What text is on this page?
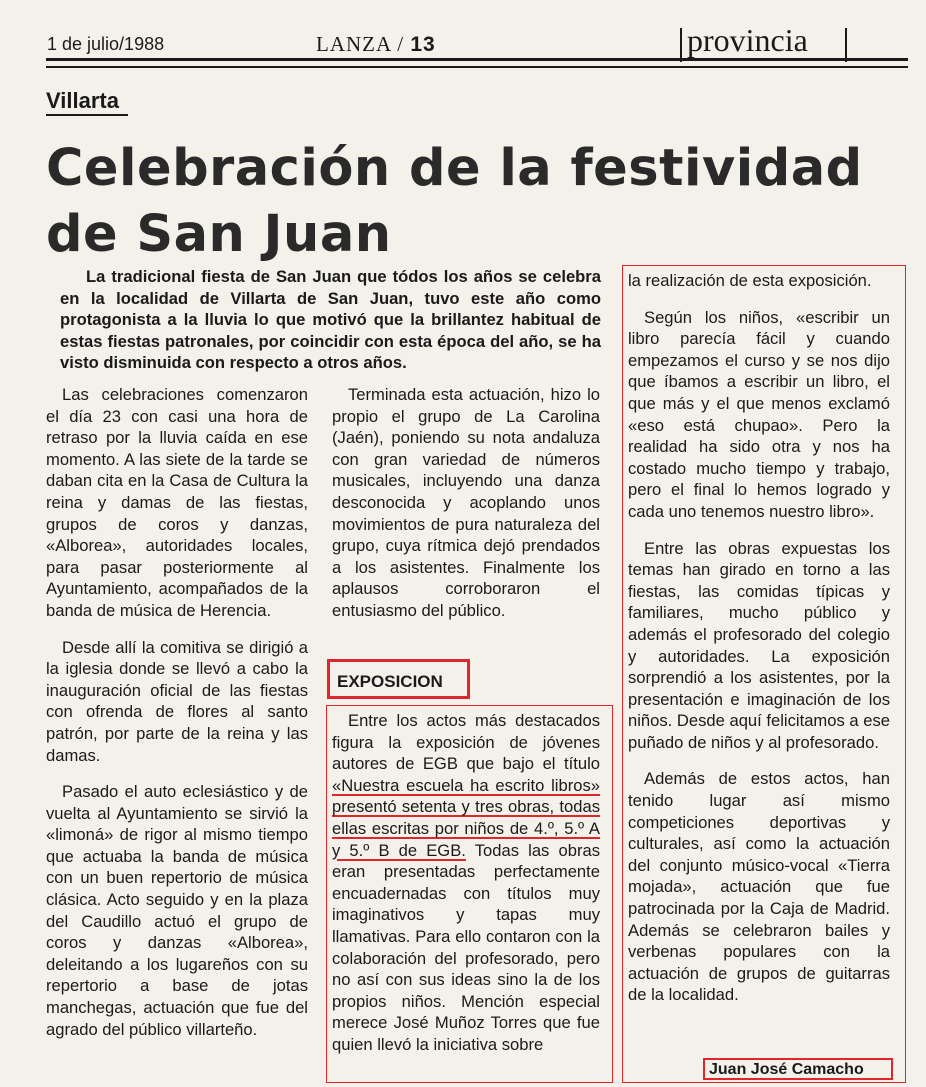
1 de julio/1988	LANZA / 13	provincia
Villarta
Celebración de la festividad de San Juan
La tradicional fiesta de San Juan que tódos los años se celebra en la localidad de Villarta de San Juan, tuvo este año como protagonista a la lluvia lo que motivó que la brillantez habitual de estas fiestas patronales, por coincidir con esta época del año, se ha visto disminuida con respecto a otros años.

Las celebraciones comenzaron el día 23 con casi una hora de retraso por la lluvia caída en ese momento. A las siete de la tarde se daban cita en la Casa de Cultura la reina y damas de las fiestas, grupos de coros y danzas, «Alborea», autoridades locales, para pasar posteriormente al Ayuntamiento, acompañados de la banda de música de Herencia.

Desde allí la comitiva se dirigió a la iglesia donde se llevó a cabo la inauguración oficial de las fiestas con ofrenda de flores al santo patrón, por parte de la reina y las damas.

Pasado el auto eclesiástico y de vuelta al Ayuntamiento se sirvió la «limoná» de rigor al mismo tiempo que actuaba la banda de música con un buen repertorio de música clásica. Acto seguido y en la plaza del Caudillo actuó el grupo de coros y danzas «Alborea», deleitando a los lugareños con su repertorio a base de jotas manchegas, actuación que fue del agrado del público villarteño.

Terminada esta actuación, hizo lo propio el grupo de La Carolina (Jaén), poniendo su nota andaluza con gran variedad de números musicales, incluyendo una danza desconocida y acoplando unos movimientos de pura naturaleza del grupo, cuya rítmica dejó prendados a los asistentes. Finalmente los aplausos corroboraron el entusiasmo del público.

EXPOSICION

Entre los actos más destacados figura la exposición de jóvenes autores de EGB que bajo el título «Nuestra escuela ha escrito libros» presentó setenta y tres obras, todas ellas escritas por niños de 4.º, 5.º A y 5.º B de EGB. Todas las obras eran presentadas perfectamente encuadernadas con títulos muy imaginativos y tapas muy llamativas. Para ello contaron con la colaboración del profesorado, pero no así con sus ideas sino la de los propios niños. Mención especial merece José Muñoz Torres que fue quien llevó la iniciativa sobre

la realización de esta exposición.

Según los niños, «escribir un libro parecía fácil y cuando empezamos el curso y se nos dijo que íbamos a escribir un libro, el que más y el que menos exclamó «eso está chupao». Pero la realidad ha sido otra y nos ha costado mucho tiempo y trabajo, pero el final lo hemos logrado y cada uno tenemos nuestro libro».

Entre las obras expuestas los temas han girado en torno a las fiestas, las comidas típicas y familiares, mucho público y además el profesorado del colegio y autoridades. La exposición sorprendió a los asistentes, por la presentación e imaginación de los niños. Desde aquí felicitamos a ese puñado de niños y al profesorado.

Además de estos actos, han tenido lugar así mismo competiciones deportivas y culturales, así como la actuación del conjunto músico-vocal «Tierra mojada», actuación que fue patrocinada por la Caja de Madrid. Además se celebraron bailes y verbenas populares con la actuación de grupos de guitarras de la localidad.

Juan José Camacho
